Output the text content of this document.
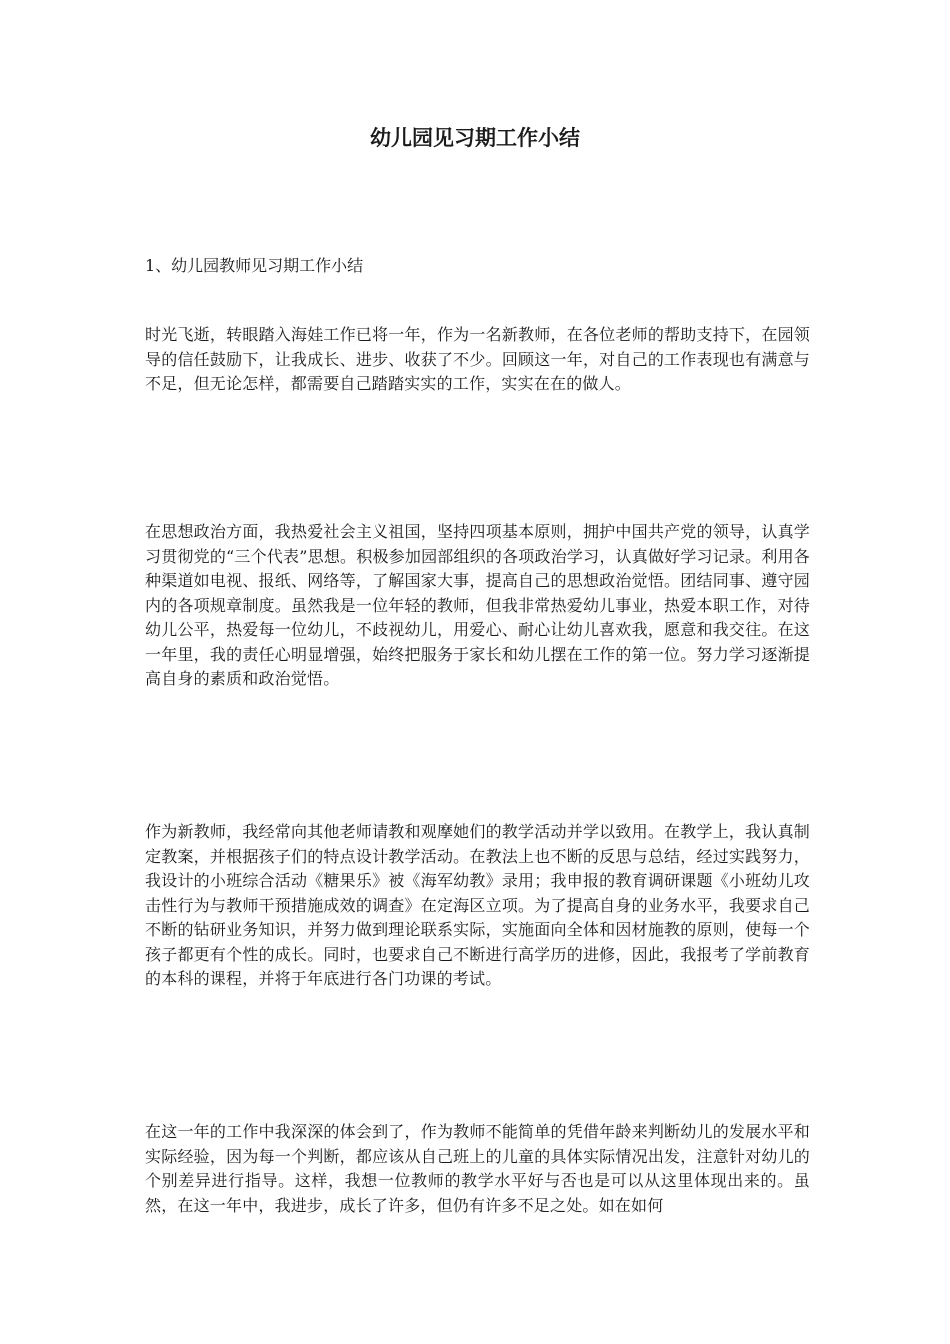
幼儿园见习期工作小结

1、幼儿园教师见习期工作小结

时光飞逝，转眼踏入海娃工作已将一年，作为一名新教师，在各位老师的帮助支持下，在园领导的信任鼓励下，让我成长、进步、收获了不少。回顾这一年，对自己的工作表现也有满意与不足，但无论怎样，都需要自己踏踏实实的工作，实实在在的做人。

在思想政治方面，我热爱社会主义祖国，坚持四项基本原则，拥护中国共产党的领导，认真学习贯彻党的“三个代表”思想。积极参加园部组织的各项政治学习，认真做好学习记录。利用各种渠道如电视、报纸、网络等，了解国家大事，提高自己的思想政治觉悟。团结同事、遵守园内的各项规章制度。虽然我是一位年轻的教师，但我非常热爱幼儿事业，热爱本职工作，对待幼儿公平，热爱每一位幼儿，不歧视幼儿，用爱心、耐心让幼儿喜欢我，愿意和我交往。在这一年里，我的责任心明显增强，始终把服务于家长和幼儿摆在工作的第一位。努力学习逐渐提高自身的素质和政治觉悟。

作为新教师，我经常向其他老师请教和观摩她们的教学活动并学以致用。在教学上，我认真制定教案，并根据孩子们的特点设计教学活动。在教法上也不断的反思与总结，经过实践努力，我设计的小班综合活动《糖果乐》被《海军幼教》录用；我申报的教育调研课题《小班幼儿攻击性行为与教师干预措施成效的调查》在定海区立项。为了提高自身的业务水平，我要求自己不断的钻研业务知识，并努力做到理论联系实际，实施面向全体和因材施教的原则，使每一个孩子都更有个性的成长。同时，也要求自己不断进行高学历的进修，因此，我报考了学前教育的本科的课程，并将于年底进行各门功课的考试。

在这一年的工作中我深深的体会到了，作为教师不能简单的凭借年龄来判断幼儿的发展水平和实际经验，因为每一个判断，都应该从自己班上的儿童的具体实际情况出发，注意针对幼儿的个别差异进行指导。这样，我想一位教师的教学水平好与否也是可以从这里体现出来的。虽然，在这一年中，我进步，成长了许多，但仍有许多不足之处。如在如何
